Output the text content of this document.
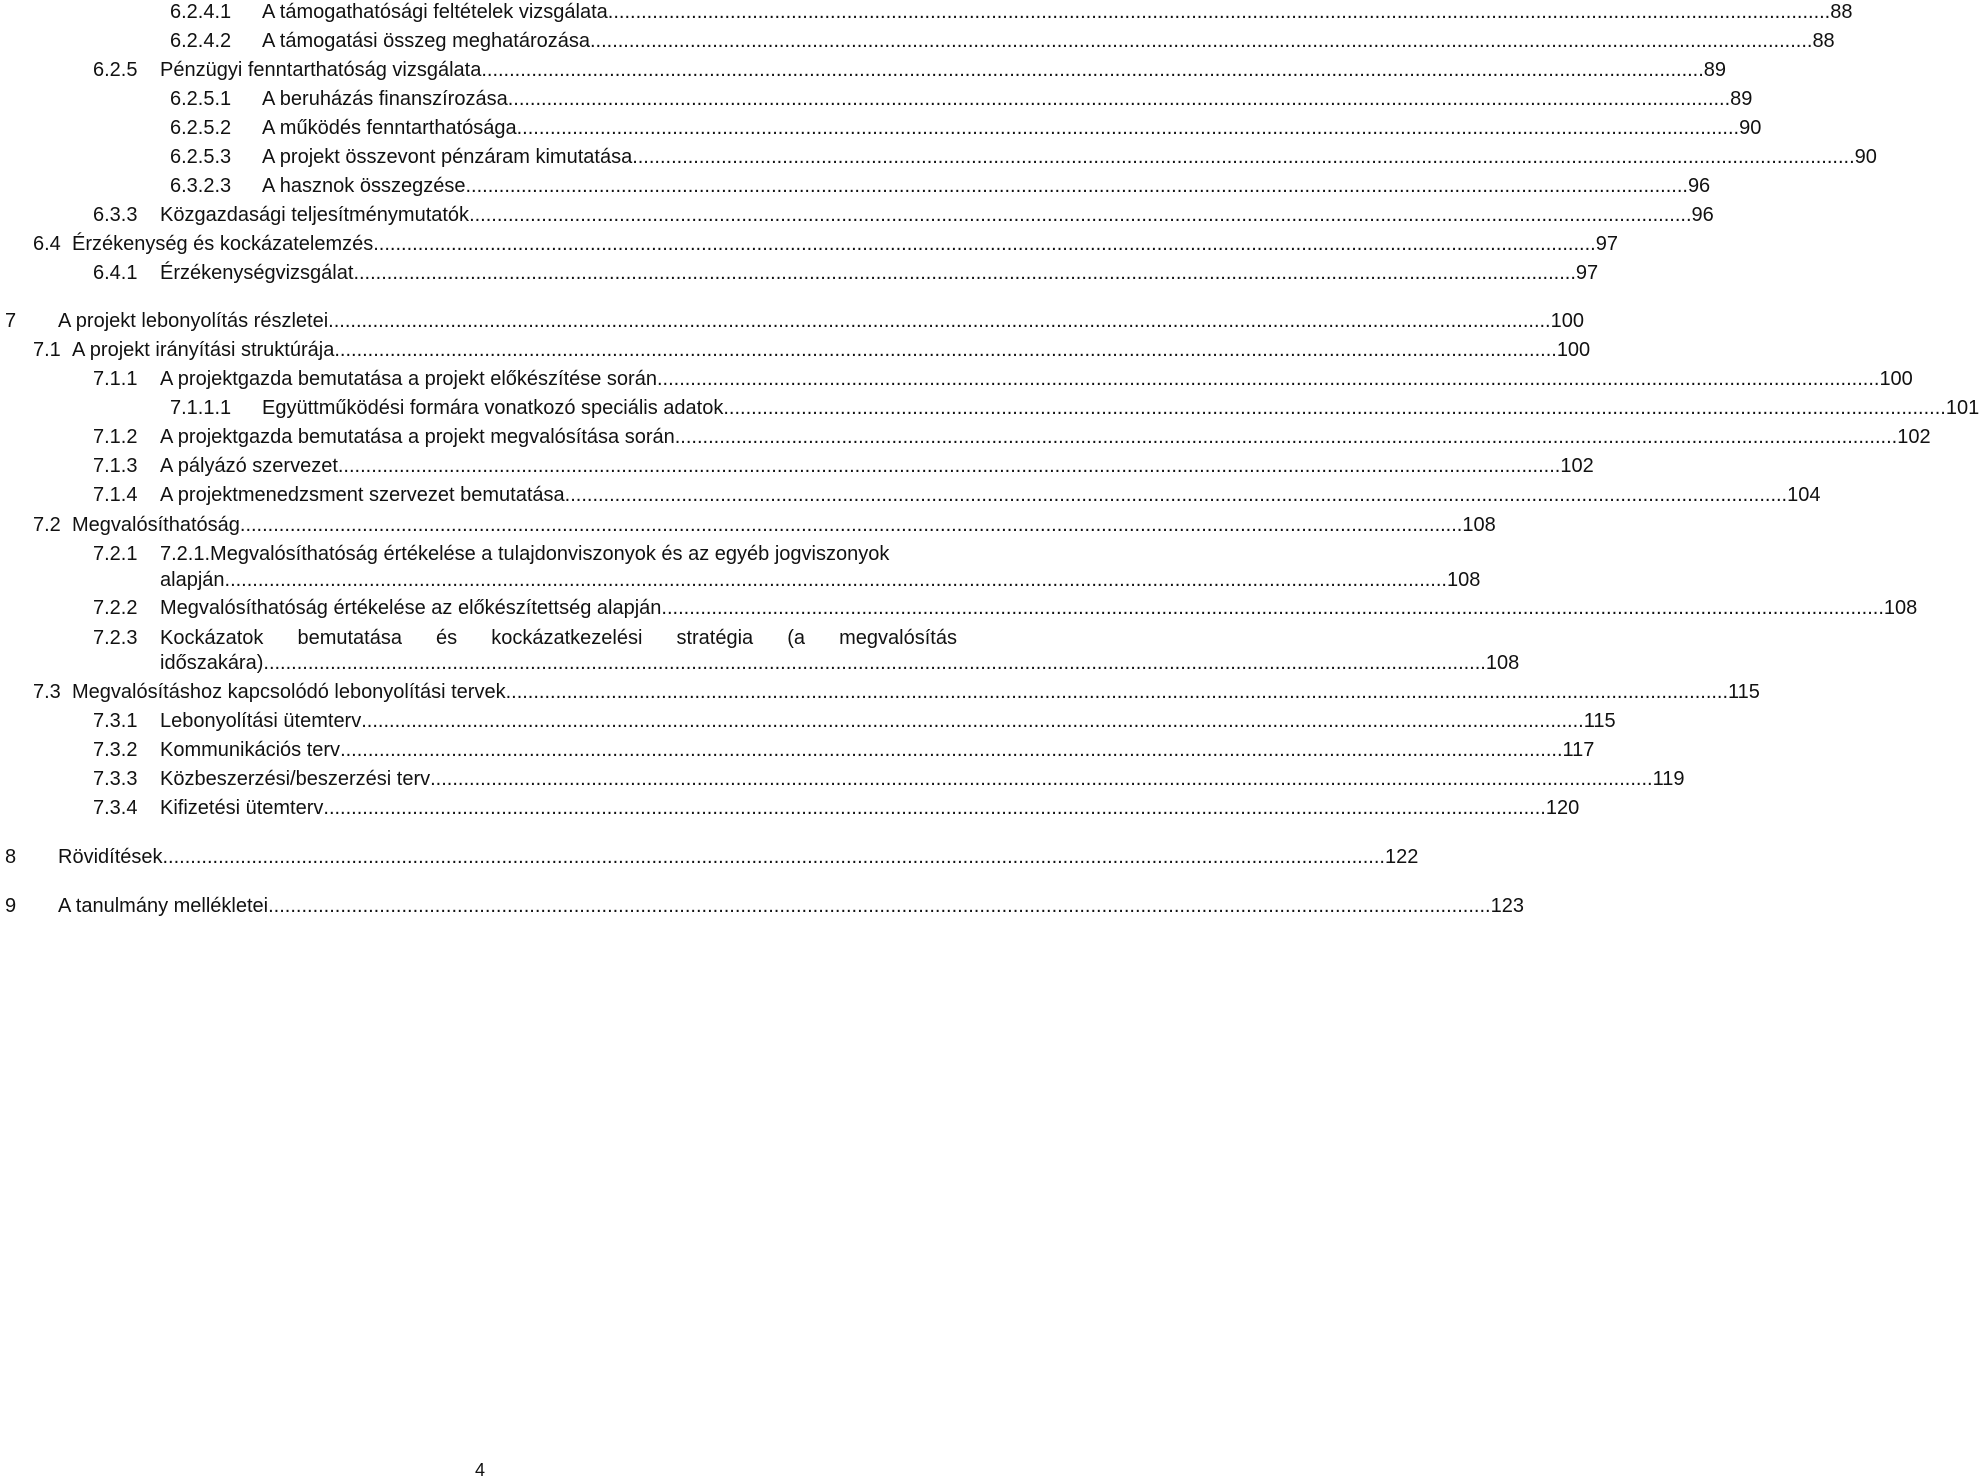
6.2.4.1	A támogathatósági feltételek vizsgálata ............................................................................................................................................................................................................................ 88
6.2.4.2	A támogatási összeg meghatározása ............................................................................................................................................................................................................................ 88
6.2.5	Pénzügyi fenntarthatóság vizsgálata ............................................................................................................................................................................................................................ 89
6.2.5.1	A beruházás finanszírozása ............................................................................................................................................................................................................................ 89
6.2.5.2	A működés fenntarthatósága ............................................................................................................................................................................................................................ 90
6.2.5.3	A projekt összevont pénzáram kimutatása ............................................................................................................................................................................................................................ 90
6.3.2.3	A hasznok összegzése ............................................................................................................................................................................................................................ 96
6.3.3	Közgazdasági teljesítménymutatók ............................................................................................................................................................................................................................ 96
6.4 Érzékenység és kockázatelemzés ............................................................................................................................................................................................................................ 97
6.4.1	Érzékenységvizsgálat ............................................................................................................................................................................................................................ 97
7	A projekt lebonyolítás részletei ............................................................................................................................................................................................................................ 100
7.1 A projekt irányítási struktúrája ............................................................................................................................................................................................................................ 100
7.1.1	A projektgazda bemutatása a projekt előkészítése során ............................................................................................................................................................................................................................ 100
7.1.1.1	Együttműködési formára vonatkozó speciális adatok ............................................................................................................................................................................................................................ 101
7.1.2	A projektgazda bemutatása a projekt megvalósítása során ............................................................................................................................................................................................................................ 102
7.1.3	A pályázó szervezet ............................................................................................................................................................................................................................ 102
7.1.4	A projektmenedzsment szervezet bemutatása ............................................................................................................................................................................................................................ 104
7.2 Megvalósíthatóság ............................................................................................................................................................................................................................ 108
7.2.1 7.2.1.Megvalósíthatóság értékelése a tulajdonviszonyok és az egyéb jogviszonyok
alapján ............................................................................................................................................................................................................................ 108
7.2.2	Megvalósíthatóság értékelése az előkészítettség alapján ............................................................................................................................................................................................................................ 108
7.2.3	Kockázatok bemutatása és kockázatkezelési stratégia (a megvalósítás
időszakára) ............................................................................................................................................................................................................................ 108
7.3 Megvalósításhoz kapcsolódó lebonyolítási tervek ............................................................................................................................................................................................................................ 115
7.3.1	Lebonyolítási ütemterv ............................................................................................................................................................................................................................ 115
7.3.2	Kommunikációs terv ............................................................................................................................................................................................................................ 117
7.3.3	Közbeszerzési/beszerzési terv ............................................................................................................................................................................................................................ 119
7.3.4	Kifizetési ütemterv ............................................................................................................................................................................................................................ 120
8	Rövidítések ............................................................................................................................................................................................................................ 122
9	A tanulmány mellékletei ............................................................................................................................................................................................................................ 123
4
